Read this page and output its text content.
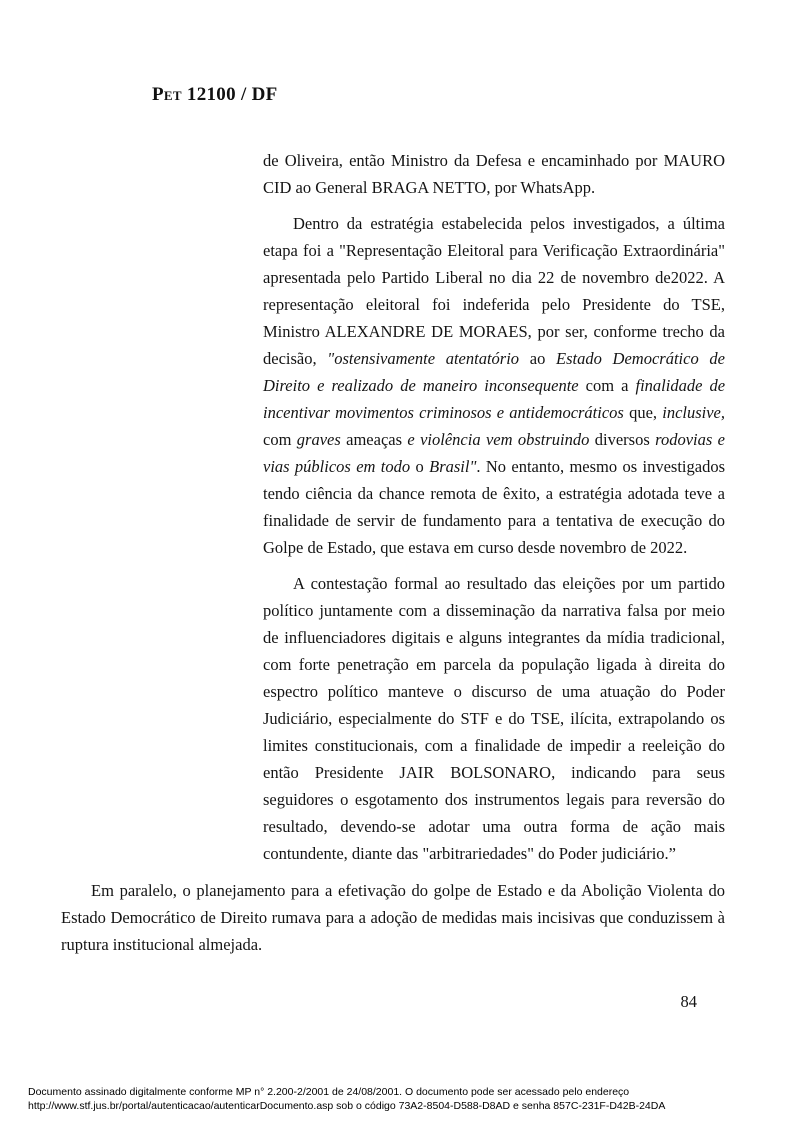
Pet 12100 / DF

de Oliveira, então Ministro da Defesa e encaminhado por MAURO CID ao General BRAGA NETTO, por WhatsApp.

Dentro da estratégia estabelecida pelos investigados, a última etapa foi a "Representação Eleitoral para Verificação Extraordinária" apresentada pelo Partido Liberal no dia 22 de novembro de2022. A representação eleitoral foi indeferida pelo Presidente do TSE, Ministro ALEXANDRE DE MORAES, por ser, conforme trecho da decisão, "ostensivamente atentatório ao Estado Democrático de Direito e realizado de maneiro inconsequente com a finalidade de incentivar movimentos criminosos e antidemocráticos que, inclusive, com graves ameaças e violência vem obstruindo diversos rodovias e vias públicos em todo o Brasil". No entanto, mesmo os investigados tendo ciência da chance remota de êxito, a estratégia adotada teve a finalidade de servir de fundamento para a tentativa de execução do Golpe de Estado, que estava em curso desde novembro de 2022.

A contestação formal ao resultado das eleições por um partido político juntamente com a disseminação da narrativa falsa por meio de influenciadores digitais e alguns integrantes da mídia tradicional, com forte penetração em parcela da população ligada à direita do espectro político manteve o discurso de uma atuação do Poder Judiciário, especialmente do STF e do TSE, ilícita, extrapolando os limites constitucionais, com a finalidade de impedir a reeleição do então Presidente JAIR BOLSONARO, indicando para seus seguidores o esgotamento dos instrumentos legais para reversão do resultado, devendo-se adotar uma outra forma de ação mais contundente, diante das "arbitrariedades" do Poder judiciário.”

Em paralelo, o planejamento para a efetivação do golpe de Estado e da Abolição Violenta do Estado Democrático de Direito rumava para a adoção de medidas mais incisivas que conduzissem à ruptura institucional almejada.

84
Documento assinado digitalmente conforme MP n° 2.200-2/2001 de 24/08/2001. O documento pode ser acessado pelo endereço
http://www.stf.jus.br/portal/autenticacao/autenticarDocumento.asp sob o código 73A2-8504-D588-D8AD e senha 857C-231F-D42B-24DA
